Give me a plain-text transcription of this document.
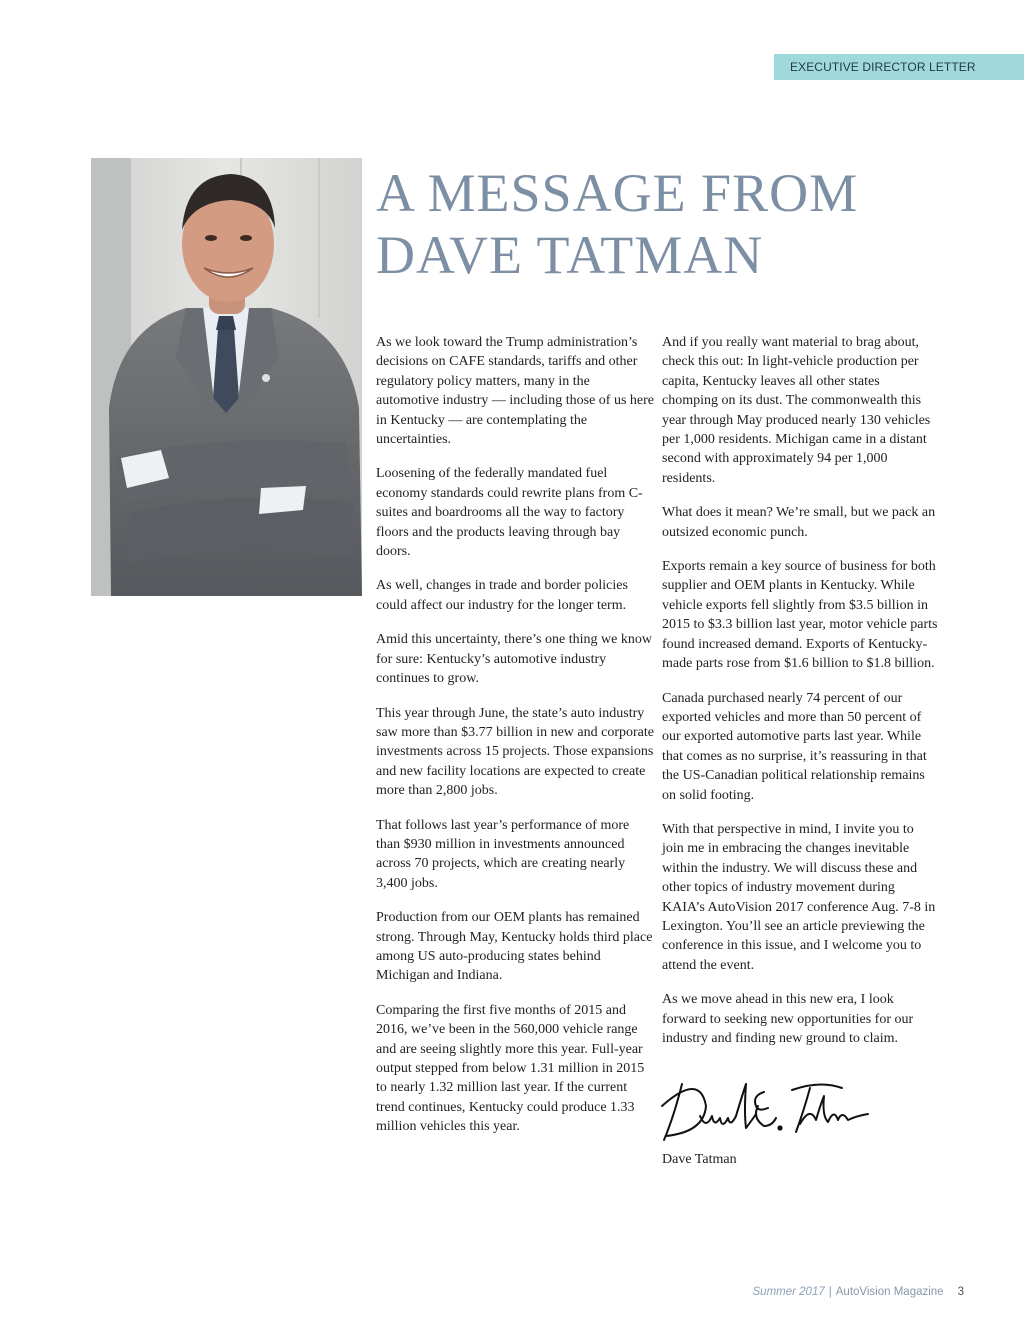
EXECUTIVE DIRECTOR LETTER
A MESSAGE FROM
DAVE TATMAN

As we look toward the Trump administration’s decisions on CAFE standards, tariffs and other regulatory policy matters, many in the automotive industry — including those of us here in Kentucky — are contemplating the uncertainties.

Loosening of the federally mandated fuel economy standards could rewrite plans from C-suites and boardrooms all the way to factory floors and the products leaving through bay doors.

As well, changes in trade and border policies could affect our industry for the longer term.

Amid this uncertainty, there’s one thing we know for sure: Kentucky’s automotive industry continues to grow.

This year through June, the state’s auto industry saw more than $3.77 billion in new and corporate investments across 15 projects. Those expansions and new facility locations are expected to create more than 2,800 jobs.

That follows last year’s performance of more than $930 million in investments announced across 70 projects, which are creating nearly 3,400 jobs.

Production from our OEM plants has remained strong. Through May, Kentucky holds third place among US auto-producing states behind Michigan and Indiana.

Comparing the first five months of 2015 and 2016, we’ve been in the 560,000 vehicle range and are seeing slightly more this year. Full-year output stepped from below 1.31 million in 2015 to nearly 1.32 million last year. If the current trend continues, Kentucky could produce 1.33 million vehicles this year.

And if you really want material to brag about, check this out: In light-vehicle production per capita, Kentucky leaves all other states chomping on its dust. The commonwealth this year through May produced nearly 130 vehicles per 1,000 residents. Michigan came in a distant second with approximately 94 per 1,000 residents.

What does it mean? We’re small, but we pack an outsized economic punch.

Exports remain a key source of business for both supplier and OEM plants in Kentucky. While vehicle exports fell slightly from $3.5 billion in 2015 to $3.3 billion last year, motor vehicle parts found increased demand. Exports of Kentucky-made parts rose from $1.6 billion to $1.8 billion.

Canada purchased nearly 74 percent of our exported vehicles and more than 50 percent of our exported automotive parts last year. While that comes as no surprise, it’s reassuring in that the US-Canadian political relationship remains on solid footing.

With that perspective in mind, I invite you to join me in embracing the changes inevitable within the industry. We will discuss these and other topics of industry movement during KAIA’s AutoVision 2017 conference Aug. 7-8 in Lexington. You’ll see an article previewing the conference in this issue, and I welcome you to attend the event.

As we move ahead in this new era, I look forward to seeking new opportunities for our industry and finding new ground to claim.

Dave Tatman
Summer 2017 | AutoVision Magazine 3
